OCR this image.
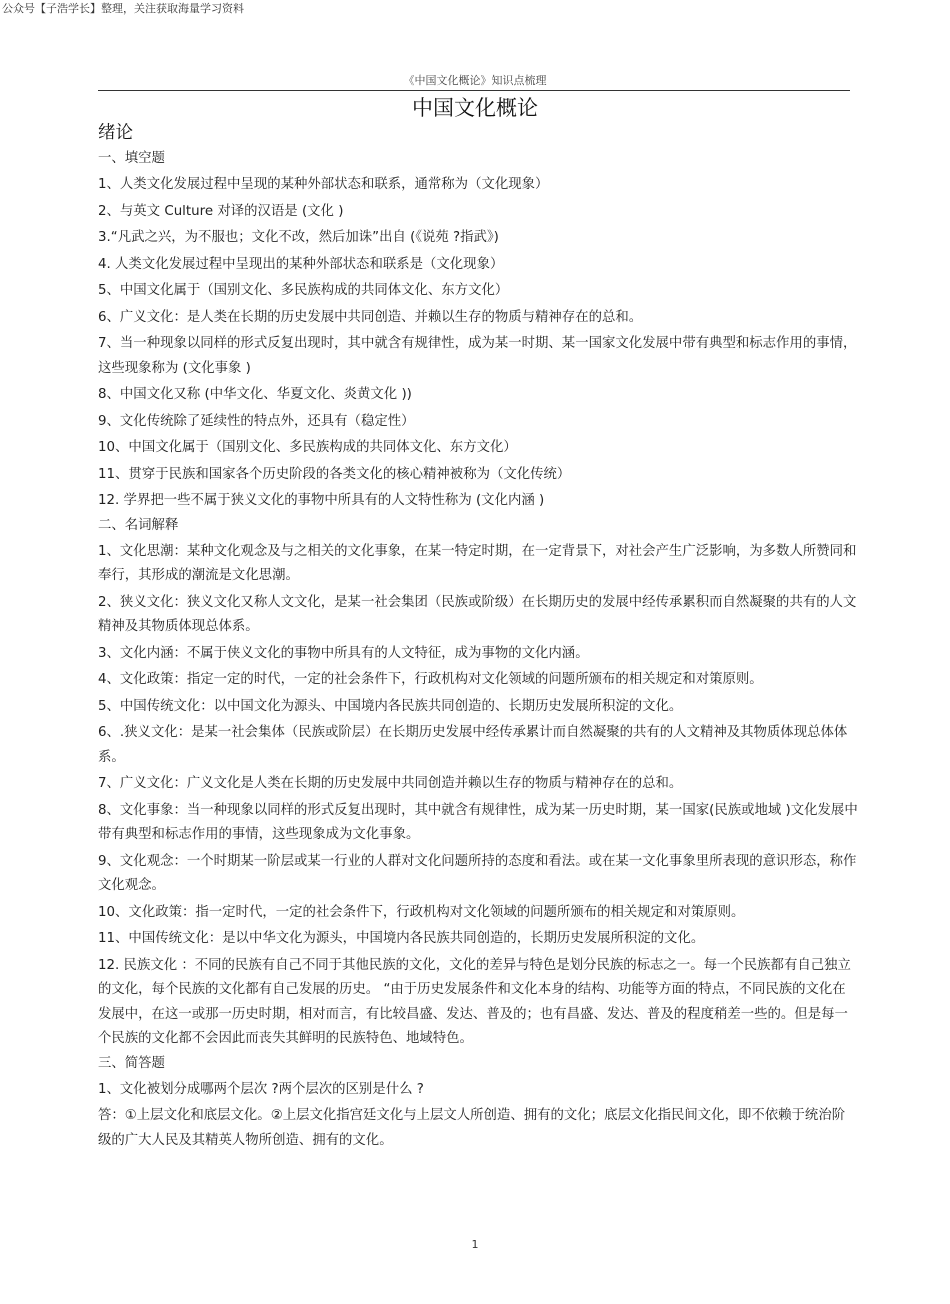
公众号【子浩学长】整理，关注获取海量学习资料
《中国文化概论》知识点梳理
中国文化概论
绪论
一、填空题
1、人类文化发展过程中呈现的某种外部状态和联系，通常称为（文化现象）
2、与英文 Culture 对译的汉语是 (文化 )
3.“凡武之兴，为不服也；文化不改，然后加诛”出自 (《说苑 ?指武》)
4. 人类文化发展过程中呈现出的某种外部状态和联系是（文化现象）
5、中国文化属于（国别文化、多民族构成的共同体文化、东方文化）
6、广义文化：是人类在长期的历史发展中共同创造、并赖以生存的物质与精神存在的总和。
7、当一种现象以同样的形式反复出现时，其中就含有规律性，成为某一时期、某一国家文化发展中带有典型和标志作用的事情，这些现象称为 (文化事象 )
8、中国文化又称 (中华文化、华夏文化、炎黄文化 ))
9、文化传统除了延续性的特点外，还具有（稳定性）
10、中国文化属于（国别文化、多民族构成的共同体文化、东方文化）
11、贯穿于民族和国家各个历史阶段的各类文化的核心精神被称为（文化传统）
12. 学界把一些不属于狭义文化的事物中所具有的人文特性称为 (文化内涵 )
二、名词解释
1、文化思潮：某种文化观念及与之相关的文化事象，在某一特定时期，在一定背景下，对社会产生广泛影响，为多数人所赞同和奉行，其形成的潮流是文化思潮。
2、狭义文化：狭义文化又称人文文化，是某一社会集团（民族或阶级）在长期历史的发展中经传承累积而自然凝聚的共有的人文精神及其物质体现总体系。
3、文化内涵：不属于侠义文化的事物中所具有的人文特征，成为事物的文化内涵。
4、文化政策：指定一定的时代，一定的社会条件下，行政机构对文化领域的问题所颁布的相关规定和对策原则。
5、中国传统文化：以中国文化为源头、中国境内各民族共同创造的、长期历史发展所积淀的文化。
6、.狭义文化：是某一社会集体（民族或阶层）在长期历史发展中经传承累计而自然凝聚的共有的人文精神及其物质体现总体体系。
7、广义文化：广义文化是人类在长期的历史发展中共同创造并赖以生存的物质与精神存在的总和。
8、文化事象：当一种现象以同样的形式反复出现时，其中就含有规律性，成为某一历史时期，某一国家(民族或地域 )文化发展中带有典型和标志作用的事情，这些现象成为文化事象。
9、文化观念：一个时期某一阶层或某一行业的人群对文化问题所持的态度和看法。或在某一文化事象里所表现的意识形态，称作文化观念。
10、文化政策：指一定时代，一定的社会条件下，行政机构对文化领域的问题所颁布的相关规定和对策原则。
11、中国传统文化：是以中华文化为源头，中国境内各民族共同创造的，长期历史发展所积淀的文化。
12. 民族文化 ：不同的民族有自己不同于其他民族的文化，文化的差异与特色是划分民族的标志之一。每一个民族都有自己独立的文化，每个民族的文化都有自己发展的历史。 “由于历史发展条件和文化本身的结构、功能等方面的特点，不同民族的文化在发展中，在这一或那一历史时期，相对而言，有比较昌盛、发达、普及的；也有昌盛、发达、普及的程度稍差一些的。但是每一个民族的文化都不会因此而丧失其鲜明的民族特色、地域特色。
三、简答题
1、文化被划分成哪两个层次 ?两个层次的区别是什么 ?
答：①上层文化和底层文化。②上层文化指宫廷文化与上层文人所创造、拥有的文化；底层文化指民间文化，即不依赖于统治阶级的广大人民及其精英人物所创造、拥有的文化。
1
